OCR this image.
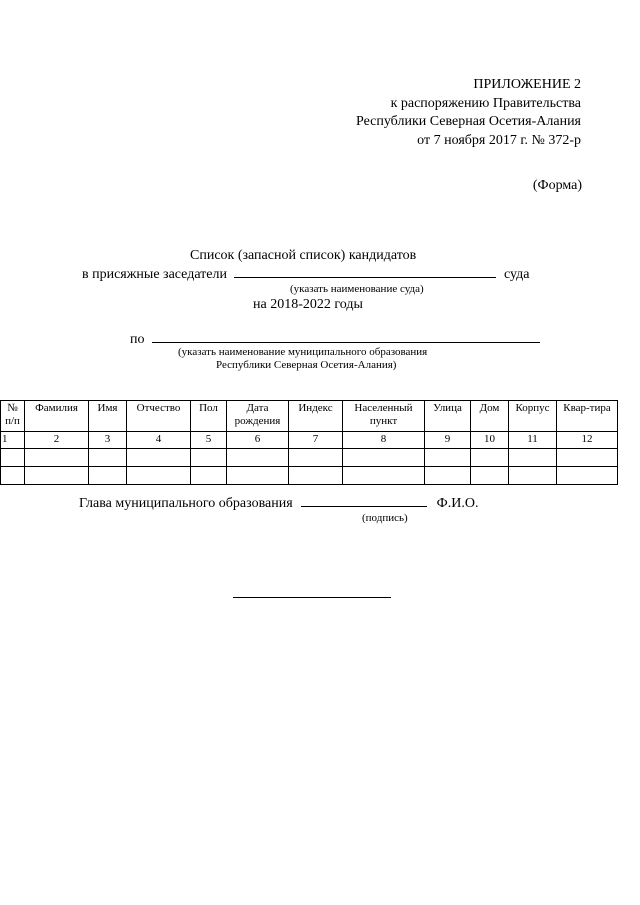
ПРИЛОЖЕНИЕ 2
к распоряжению Правительства
Республики Северная Осетия-Алания
от 7 ноября 2017 г. № 372-р
(Форма)
Список (запасной список) кандидатов
в присяжные заседатели	суда
(указать наименование суда)
на 2018-2022 годы
по
(указать наименование муниципального образования
Республики Северная Осетия-Алания)
№ п/п	Фамилия	Имя	Отчество	Пол	Дата рождения	Индекс	Населенный пункт	Улица	Дом	Корпус	Квар-тира
1	2	3	4	5	6	7	8	9	10	11	12

Глава муниципального образования	Ф.И.О.
(подпись)
